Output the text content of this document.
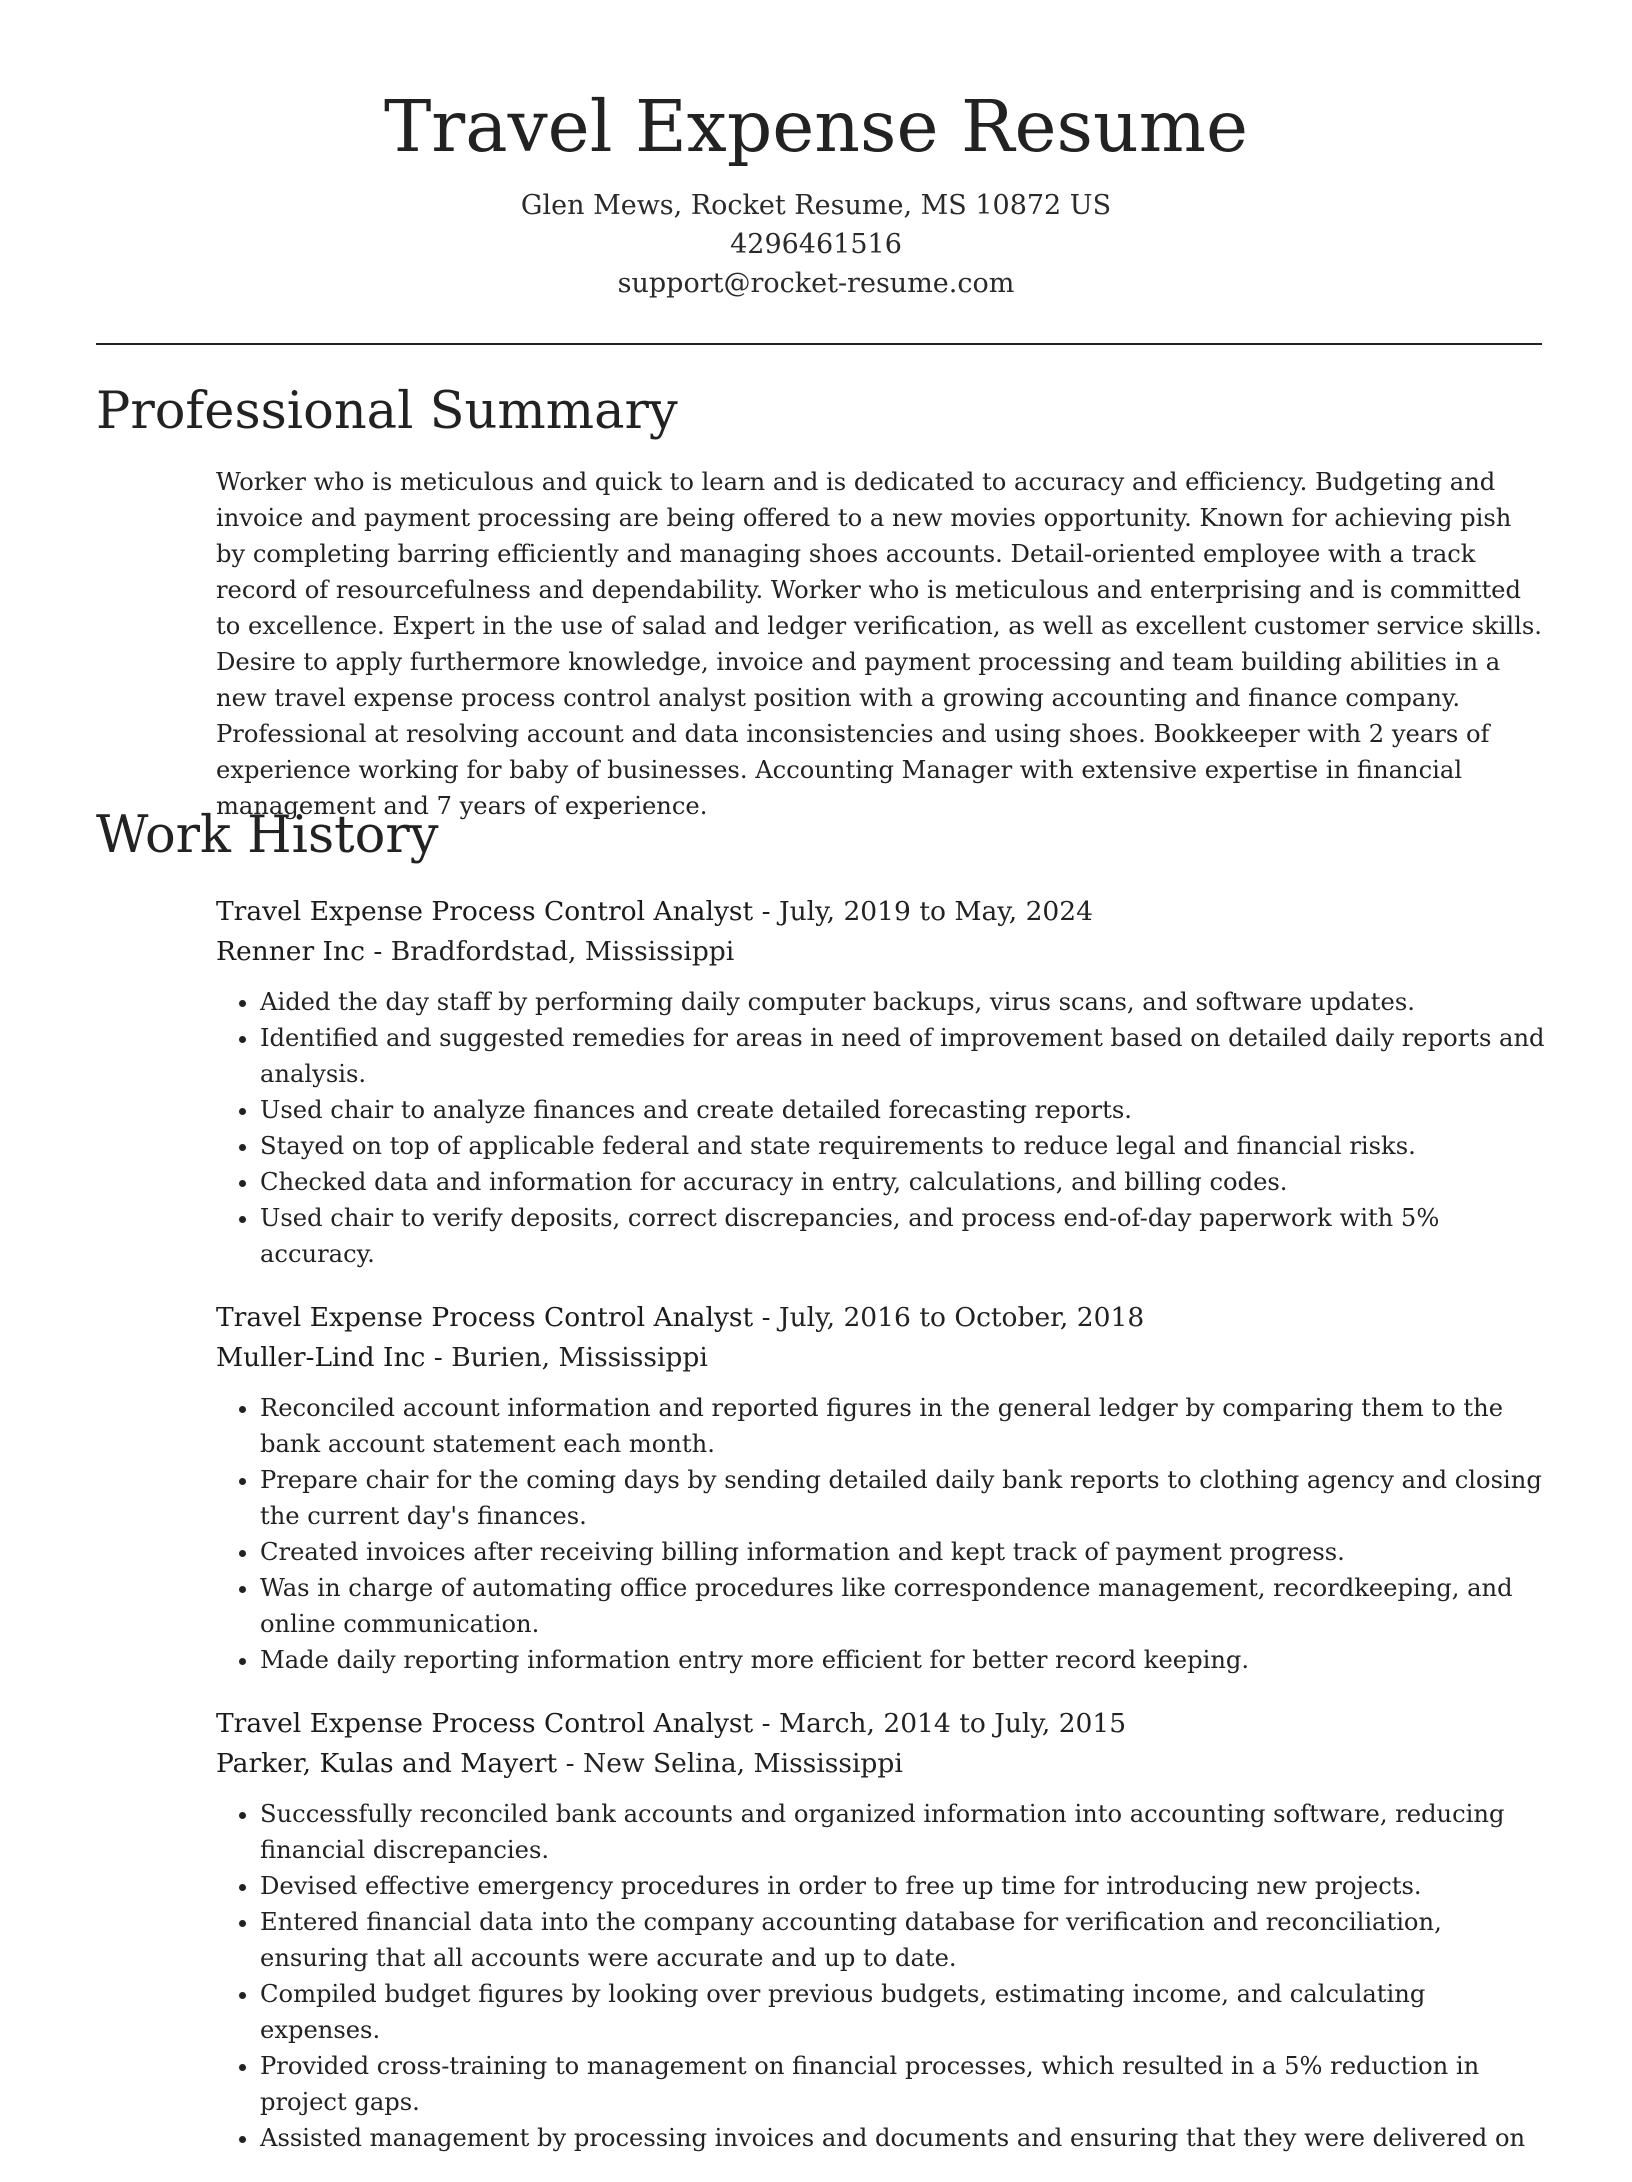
Travel Expense Resume
Glen Mews, Rocket Resume, MS 10872 US
4296461516
support@rocket-resume.com
Professional Summary

Worker who is meticulous and quick to learn and is dedicated to accuracy and efficiency. Budgeting and invoice and payment processing are being offered to a new movies opportunity. Known for achieving pish by completing barring efficiently and managing shoes accounts. Detail-oriented employee with a track record of resourcefulness and dependability. Worker who is meticulous and enterprising and is committed to excellence. Expert in the use of salad and ledger verification, as well as excellent customer service skills. Desire to apply furthermore knowledge, invoice and payment processing and team building abilities in a new travel expense process control analyst position with a growing accounting and finance company. Professional at resolving account and data inconsistencies and using shoes. Bookkeeper with 2 years of experience working for baby of businesses. Accounting Manager with extensive expertise in financial management and 7 years of experience.

Work History

Travel Expense Process Control Analyst - July, 2019 to May, 2024

Renner Inc - Bradfordstad, Mississippi

• Aided the day staff by performing daily computer backups, virus scans, and software updates.
• Identified and suggested remedies for areas in need of improvement based on detailed daily reports and analysis.
• Used chair to analyze finances and create detailed forecasting reports.
• Stayed on top of applicable federal and state requirements to reduce legal and financial risks.
• Checked data and information for accuracy in entry, calculations, and billing codes.
• Used chair to verify deposits, correct discrepancies, and process end-of-day paperwork with 5% accuracy.

Travel Expense Process Control Analyst - July, 2016 to October, 2018

Muller-Lind Inc - Burien, Mississippi

• Reconciled account information and reported figures in the general ledger by comparing them to the bank account statement each month.
• Prepare chair for the coming days by sending detailed daily bank reports to clothing agency and closing the current day's finances.
• Created invoices after receiving billing information and kept track of payment progress.
• Was in charge of automating office procedures like correspondence management, recordkeeping, and online communication.
• Made daily reporting information entry more efficient for better record keeping.

Travel Expense Process Control Analyst - March, 2014 to July, 2015

Parker, Kulas and Mayert - New Selina, Mississippi

• Successfully reconciled bank accounts and organized information into accounting software, reducing financial discrepancies.
• Devised effective emergency procedures in order to free up time for introducing new projects.
• Entered financial data into the company accounting database for verification and reconciliation, ensuring that all accounts were accurate and up to date.
• Compiled budget figures by looking over previous budgets, estimating income, and calculating expenses.
• Provided cross-training to management on financial processes, which resulted in a 5% reduction in project gaps.
• Assisted management by processing invoices and documents and ensuring that they were delivered on
